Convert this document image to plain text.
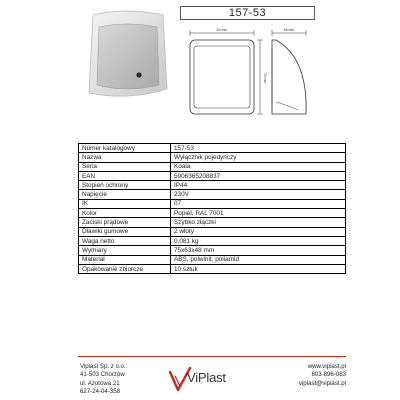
157-53
63 mm
75 mm
48 mm
Numer katalogowy	157-53
Nazwa	Wyłącznik pojedynczy
Seria	Koala
EAN	5906365208837
Stopień ochrony	IP44
Napięcie	230V
IK	07
Kolor	Popiel, RAL 7001
Zaciski prądowe	Szybko złączki
Dławiki gumowe	2 wloty
Waga netto	0,081 kg
Wymiary	75x63x48 mm
Materiał	ABS, polwinit, poliamid
Opakowanie zbiorcze	10 sztuk
Viplast Sp. z o.o.
41-503 Chorzów
ul. Azotowa 21
627-24-04-358
ViPlast
www.viplast.pl
603-896-083
viplast@viplast.pl
